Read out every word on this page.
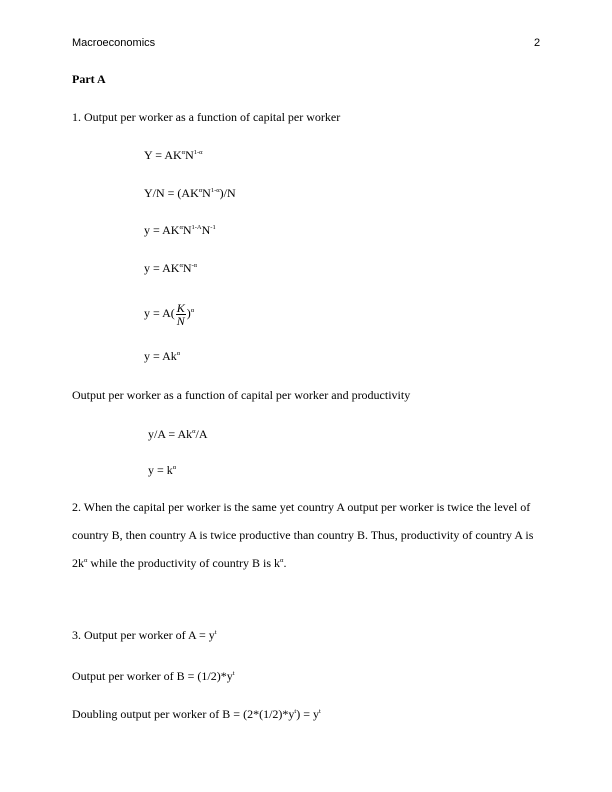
Macroeconomics	2
Part A
1. Output per worker as a function of capital per worker
$Y = AK^\alpha N^{1-\alpha}$
$Y/N = (AK^\alpha N^{1-\alpha})/N$
$y = AK^\alpha N^{1-A}N^{-1}$
$y = AK^\alpha N^{-\alpha}$
$y = A( \frac{K}{N} )^\alpha$
$y = Ak^\alpha$
Output per worker as a function of capital per worker and productivity
$y/A = Ak^\alpha/A$
$y = k^\alpha$
2. When the capital per worker is the same yet country A output per worker is twice the level of
country B, then country A is twice productive than country B. Thus, productivity of country A is
$2k^\alpha$ while the productivity of country B is $k^\alpha$.
3. Output per worker of $A = y^t$
Output per worker of $B = (1/2)*y^t$
Doubling output per worker of $B = (2*(1/2)*y^t) = y^t$
